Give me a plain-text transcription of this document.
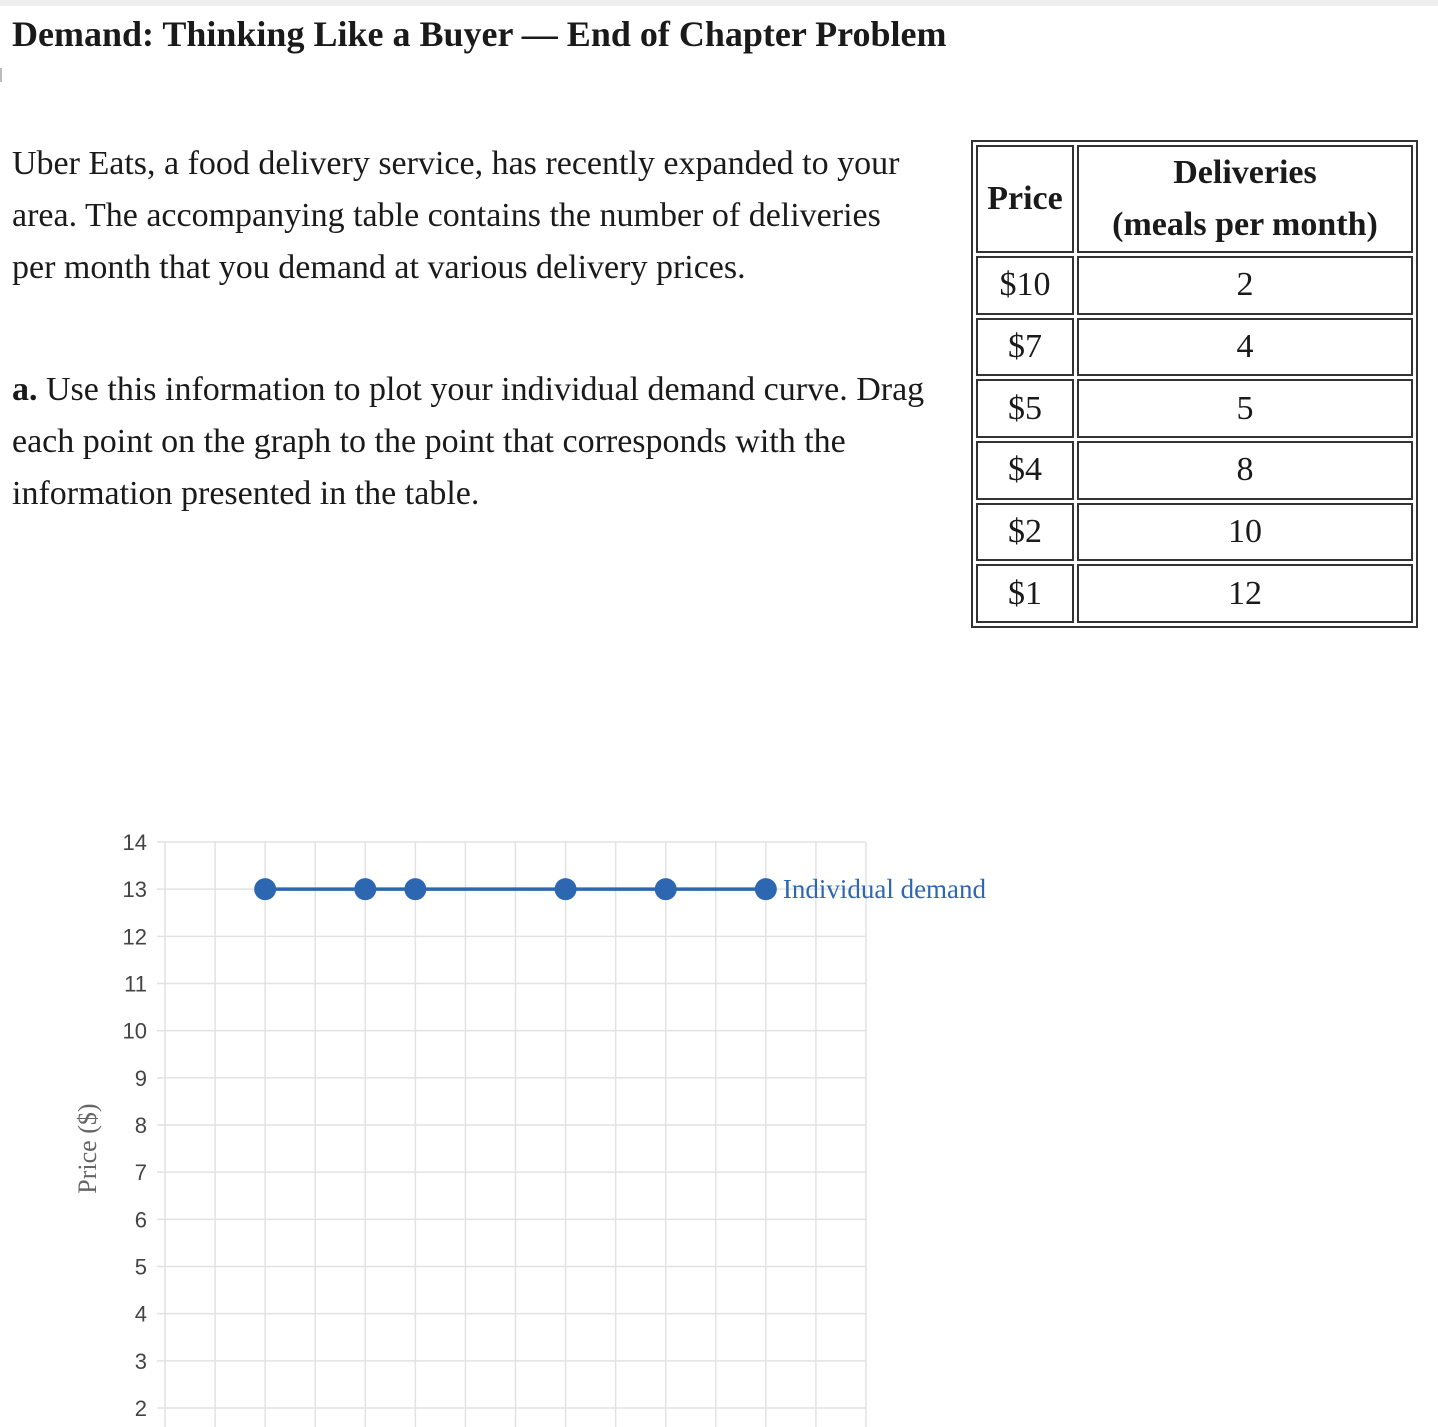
Demand: Thinking Like a Buyer — End of Chapter Problem

Uber Eats, a food delivery service, has recently expanded to your area. The accompanying table contains the number of deliveries per month that you demand at various delivery prices.

a. Use this information to plot your individual demand curve. Drag each point on the graph to the point that corresponds with the information presented in the table.

Price	Deliveries
(meals per month)
$10	2
$7	4
$5	5
$4	8
$2	10
$1	12
14
13
12
11
10
9
8
7
6
5
4
3
2
Price ($)
Individual demand
